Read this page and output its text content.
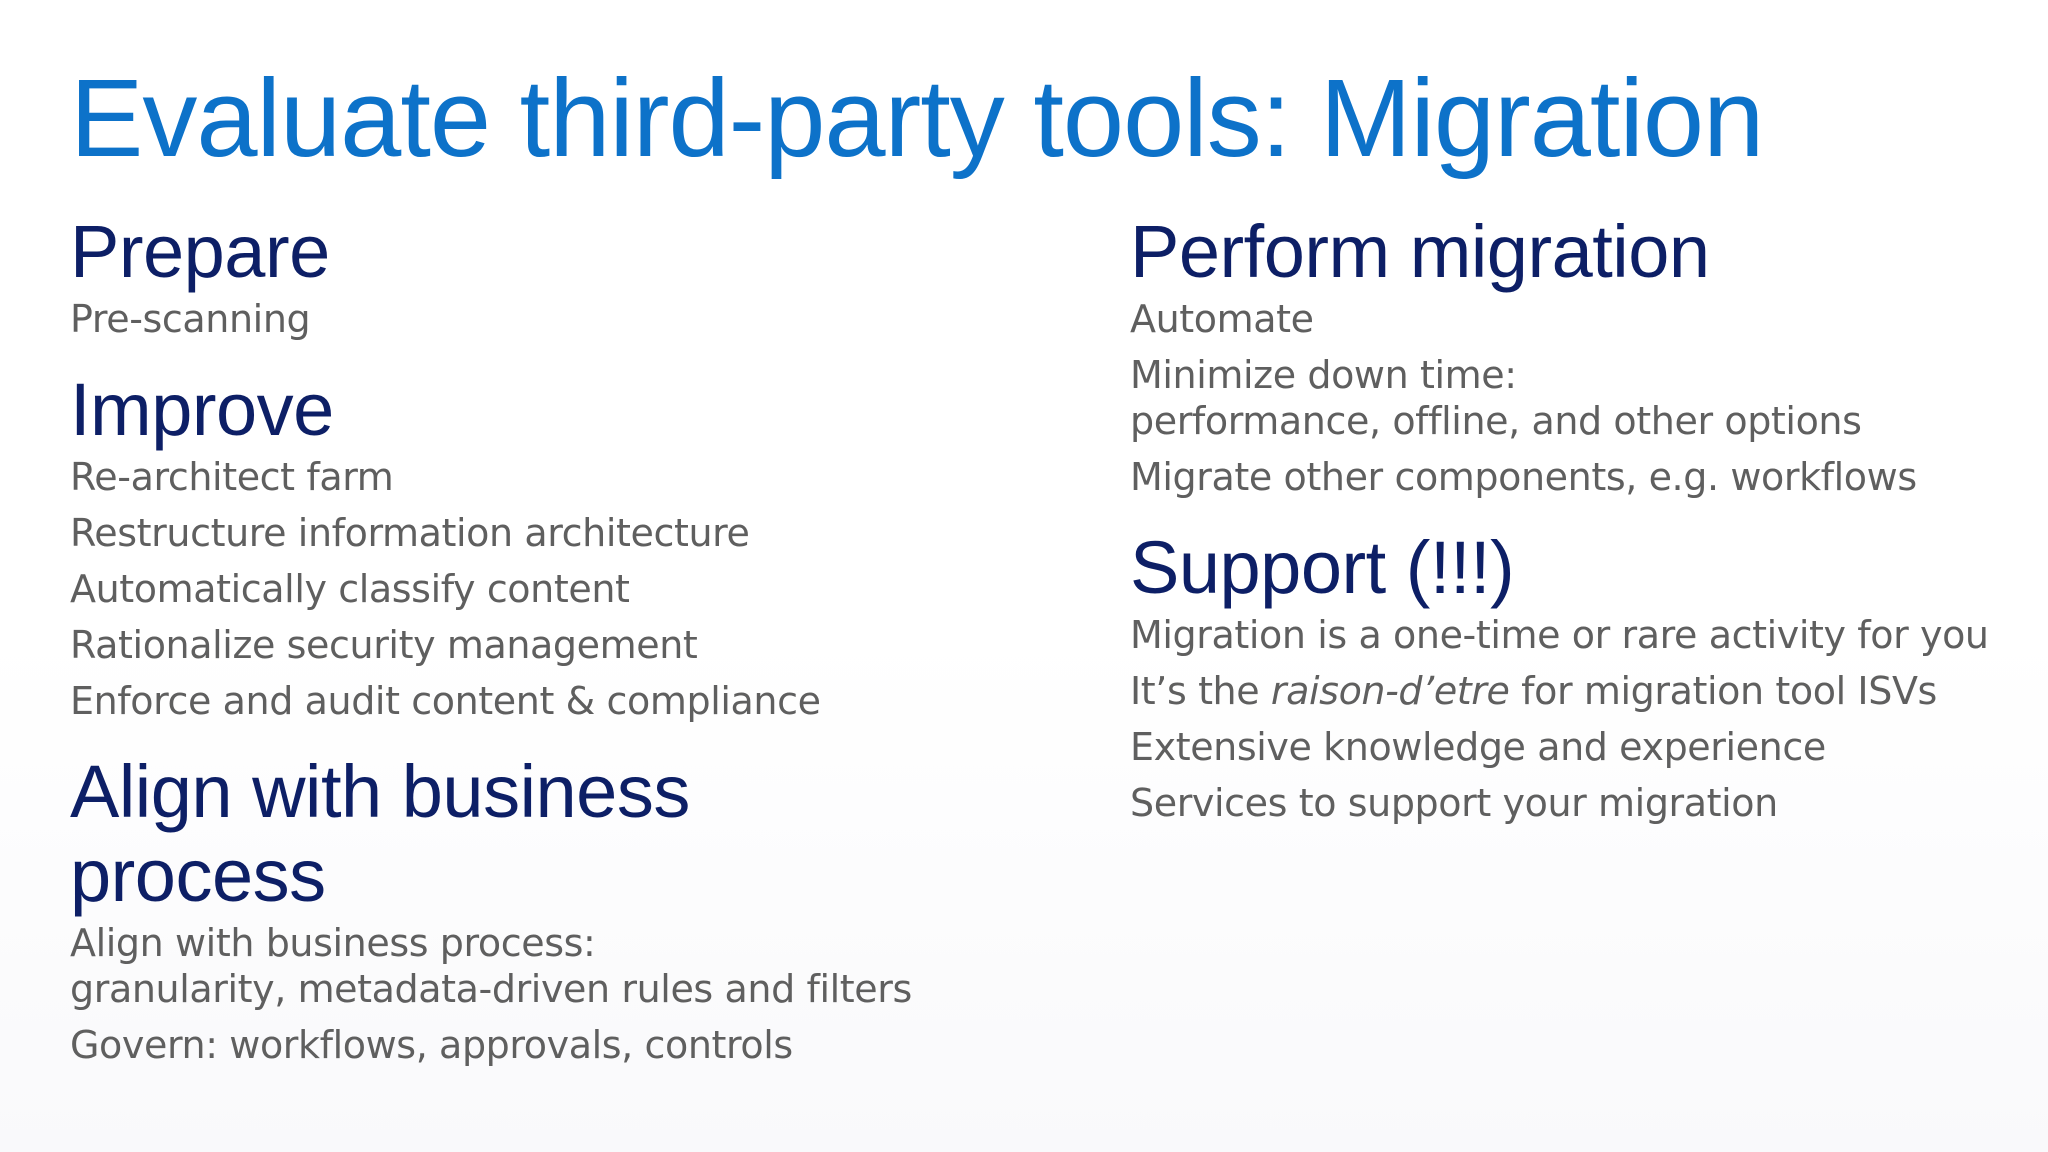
Evaluate third-party tools: Migration
Prepare
Pre-scanning
Improve
Re-architect farm
Restructure information architecture
Automatically classify content
Rationalize security management
Enforce and audit content & compliance
Align with business
process
Align with business process:
granularity, metadata-driven rules and filters
Govern: workflows, approvals, controls
Perform migration
Automate
Minimize down time:
performance, offline, and other options
Migrate other components, e.g. workflows
Support (!!!)
Migration is a one-time or rare activity for you
It’s the raison-d’etre for migration tool ISVs
Extensive knowledge and experience
Services to support your migration
